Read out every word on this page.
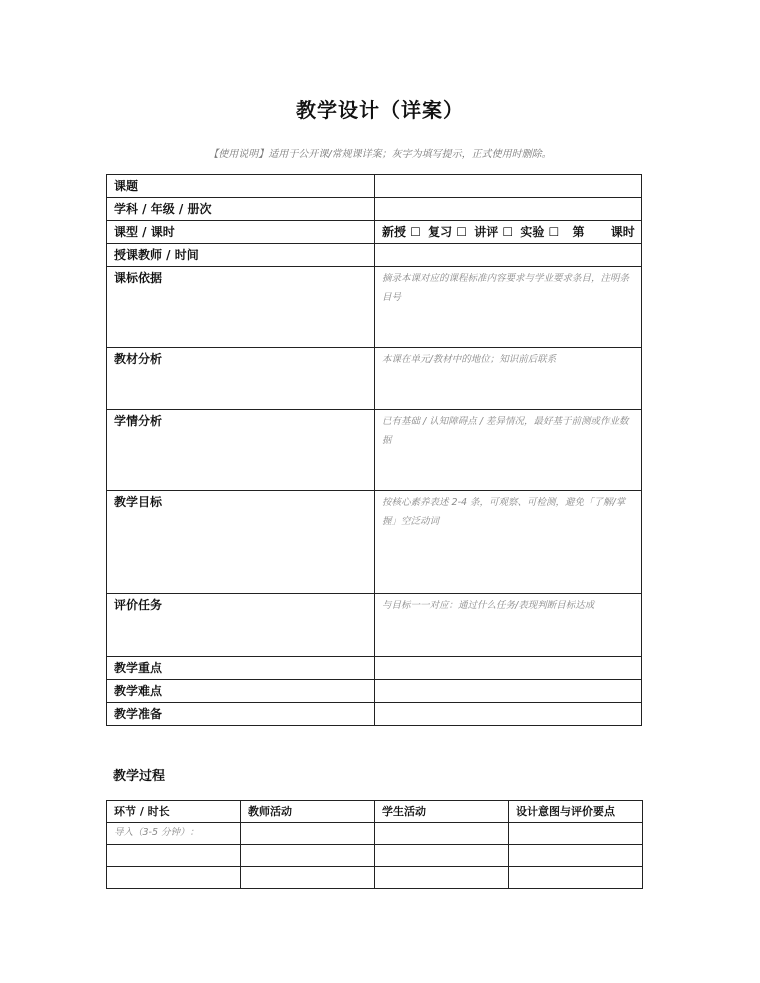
教学设计（详案）
【使用说明】适用于公开课/常规课详案；灰字为填写提示，正式使用时删除。
课题	
学科 / 年级 / 册次	
课型 / 课时	新授 ☐ 复习 ☐ 讲评 ☐ 实验 ☐ 第 课时
授课教师 / 时间	
课标依据	摘录本课对应的课程标准内容要求与学业要求条目，注明条目号
教材分析	本课在单元/教材中的地位；知识前后联系
学情分析	已有基础 / 认知障碍点 / 差异情况，最好基于前测或作业数据
教学目标	按核心素养表述 2-4 条，可观察、可检测，避免「了解/掌握」空泛动词
评价任务	与目标一一对应：通过什么任务/表现判断目标达成
教学重点	
教学难点	
教学准备	
教学过程
环节 / 时长	教师活动	学生活动	设计意图与评价要点
导入（3-5 分钟）：			
